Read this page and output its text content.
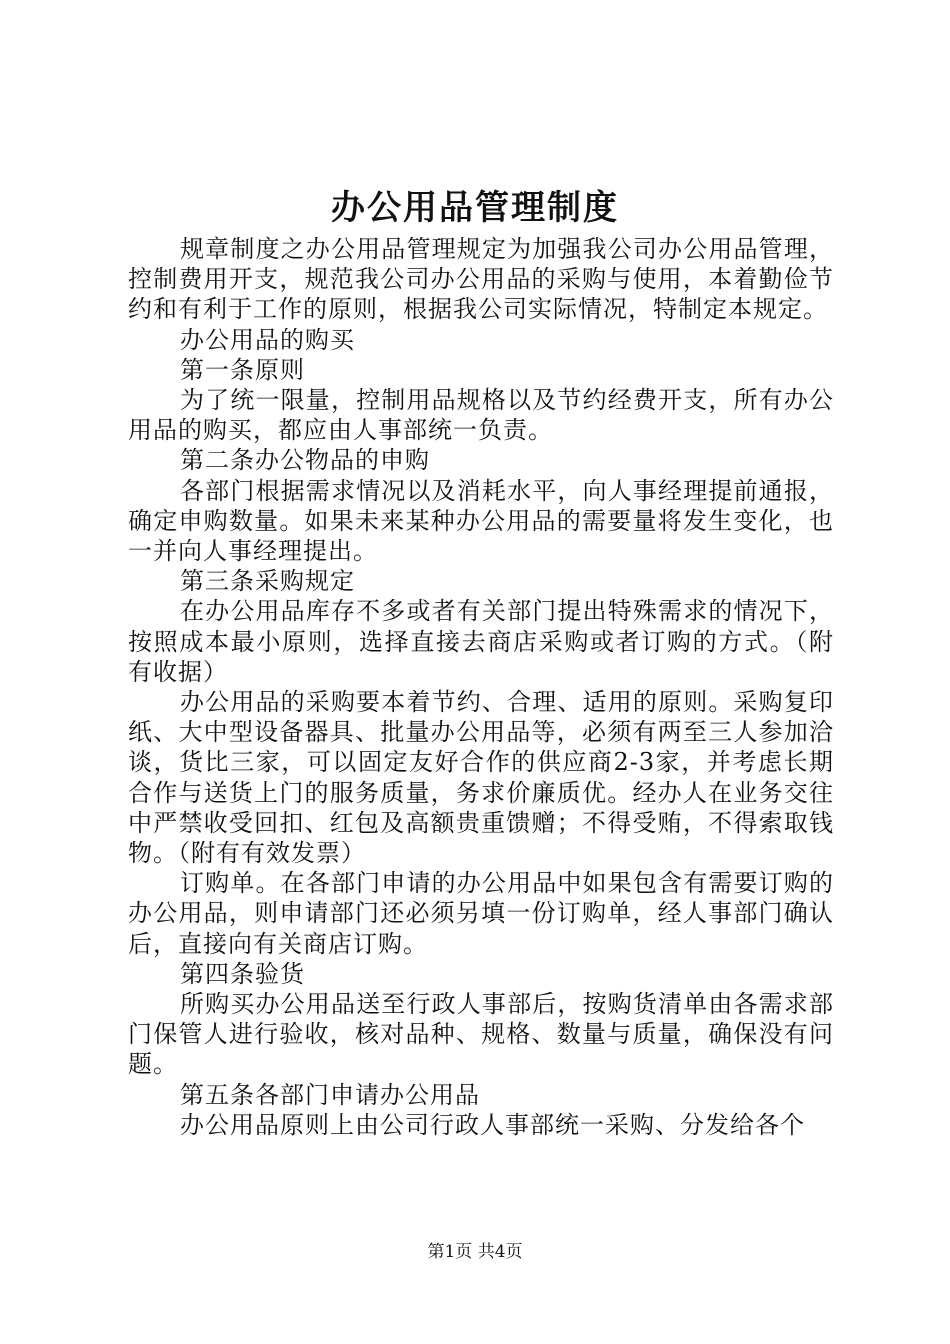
办公用品管理制度

规章制度之办公用品管理规定为加强我公司办公用品管理，控制费用开支，规范我公司办公用品的采购与使用，本着勤俭节约和有利于工作的原则，根据我公司实际情况，特制定本规定。

办公用品的购买

第一条原则

为了统一限量，控制用品规格以及节约经费开支，所有办公用品的购买，都应由人事部统一负责。

第二条办公物品的申购

各部门根据需求情况以及消耗水平，向人事经理提前通报，确定申购数量。如果未来某种办公用品的需要量将发生变化，也一并向人事经理提出。

第三条采购规定

在办公用品库存不多或者有关部门提出特殊需求的情况下，按照成本最小原则，选择直接去商店采购或者订购的方式。（附有收据）

办公用品的采购要本着节约、合理、适用的原则。采购复印纸、大中型设备器具、批量办公用品等，必须有两至三人参加洽谈，货比三家，可以固定友好合作的供应商2-3家，并考虑长期合作与送货上门的服务质量，务求价廉质优。经办人在业务交往中严禁收受回扣、红包及高额贵重馈赠；不得受贿，不得索取钱物。（附有有效发票）

订购单。在各部门申请的办公用品中如果包含有需要订购的办公用品，则申请部门还必须另填一份订购单，经人事部门确认后，直接向有关商店订购。

第四条验货

所购买办公用品送至行政人事部后，按购货清单由各需求部门保管人进行验收，核对品种、规格、数量与质量，确保没有问题。

第五条各部门申请办公用品

办公用品原则上由公司行政人事部统一采购、分发给各个

第1页 共4页
